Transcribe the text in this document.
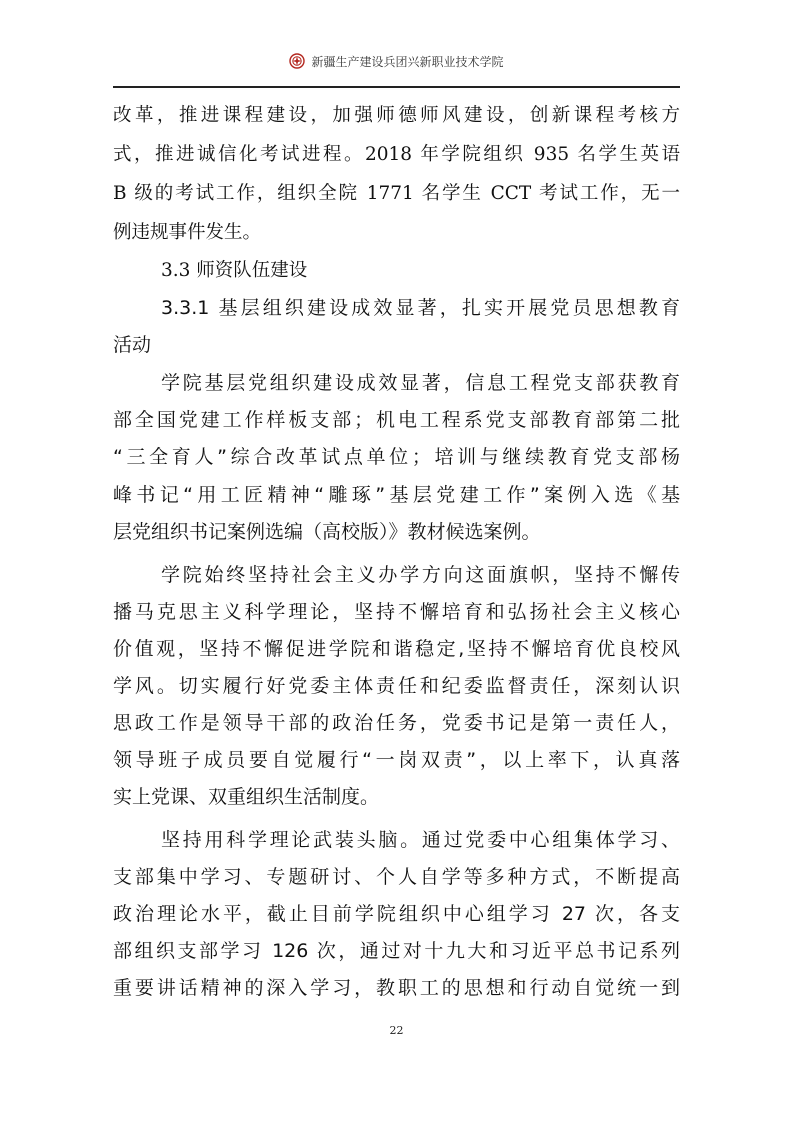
新疆生产建设兵团兴新职业技术学院
改革，推进课程建设，加强师德师风建设，创新课程考核方
式，推进诚信化考试进程。2018 年学院组织 935 名学生英语
B 级的考试工作，组织全院 1771 名学生 CCT 考试工作，无一
例违规事件发生。
3.3 师资队伍建设
3.3.1 基层组织建设成效显著，扎实开展党员思想教育
活动
学院基层党组织建设成效显著，信息工程党支部获教育
部全国党建工作样板支部；机电工程系党支部教育部第二批
“三全育人”综合改革试点单位；培训与继续教育党支部杨
峰书记“用工匠精神“雕琢”基层党建工作”案例入选《基
层党组织书记案例选编（高校版）》教材候选案例。
学院始终坚持社会主义办学方向这面旗帜，坚持不懈传
播马克思主义科学理论，坚持不懈培育和弘扬社会主义核心
价值观，坚持不懈促进学院和谐稳定,坚持不懈培育优良校风
学风。切实履行好党委主体责任和纪委监督责任，深刻认识
思政工作是领导干部的政治任务，党委书记是第一责任人，
领导班子成员要自觉履行“一岗双责”，以上率下，认真落
实上党课、双重组织生活制度。
坚持用科学理论武装头脑。通过党委中心组集体学习、
支部集中学习、专题研讨、个人自学等多种方式，不断提高
政治理论水平，截止目前学院组织中心组学习 27 次，各支
部组织支部学习 126 次，通过对十九大和习近平总书记系列
重要讲话精神的深入学习，教职工的思想和行动自觉统一到
22
